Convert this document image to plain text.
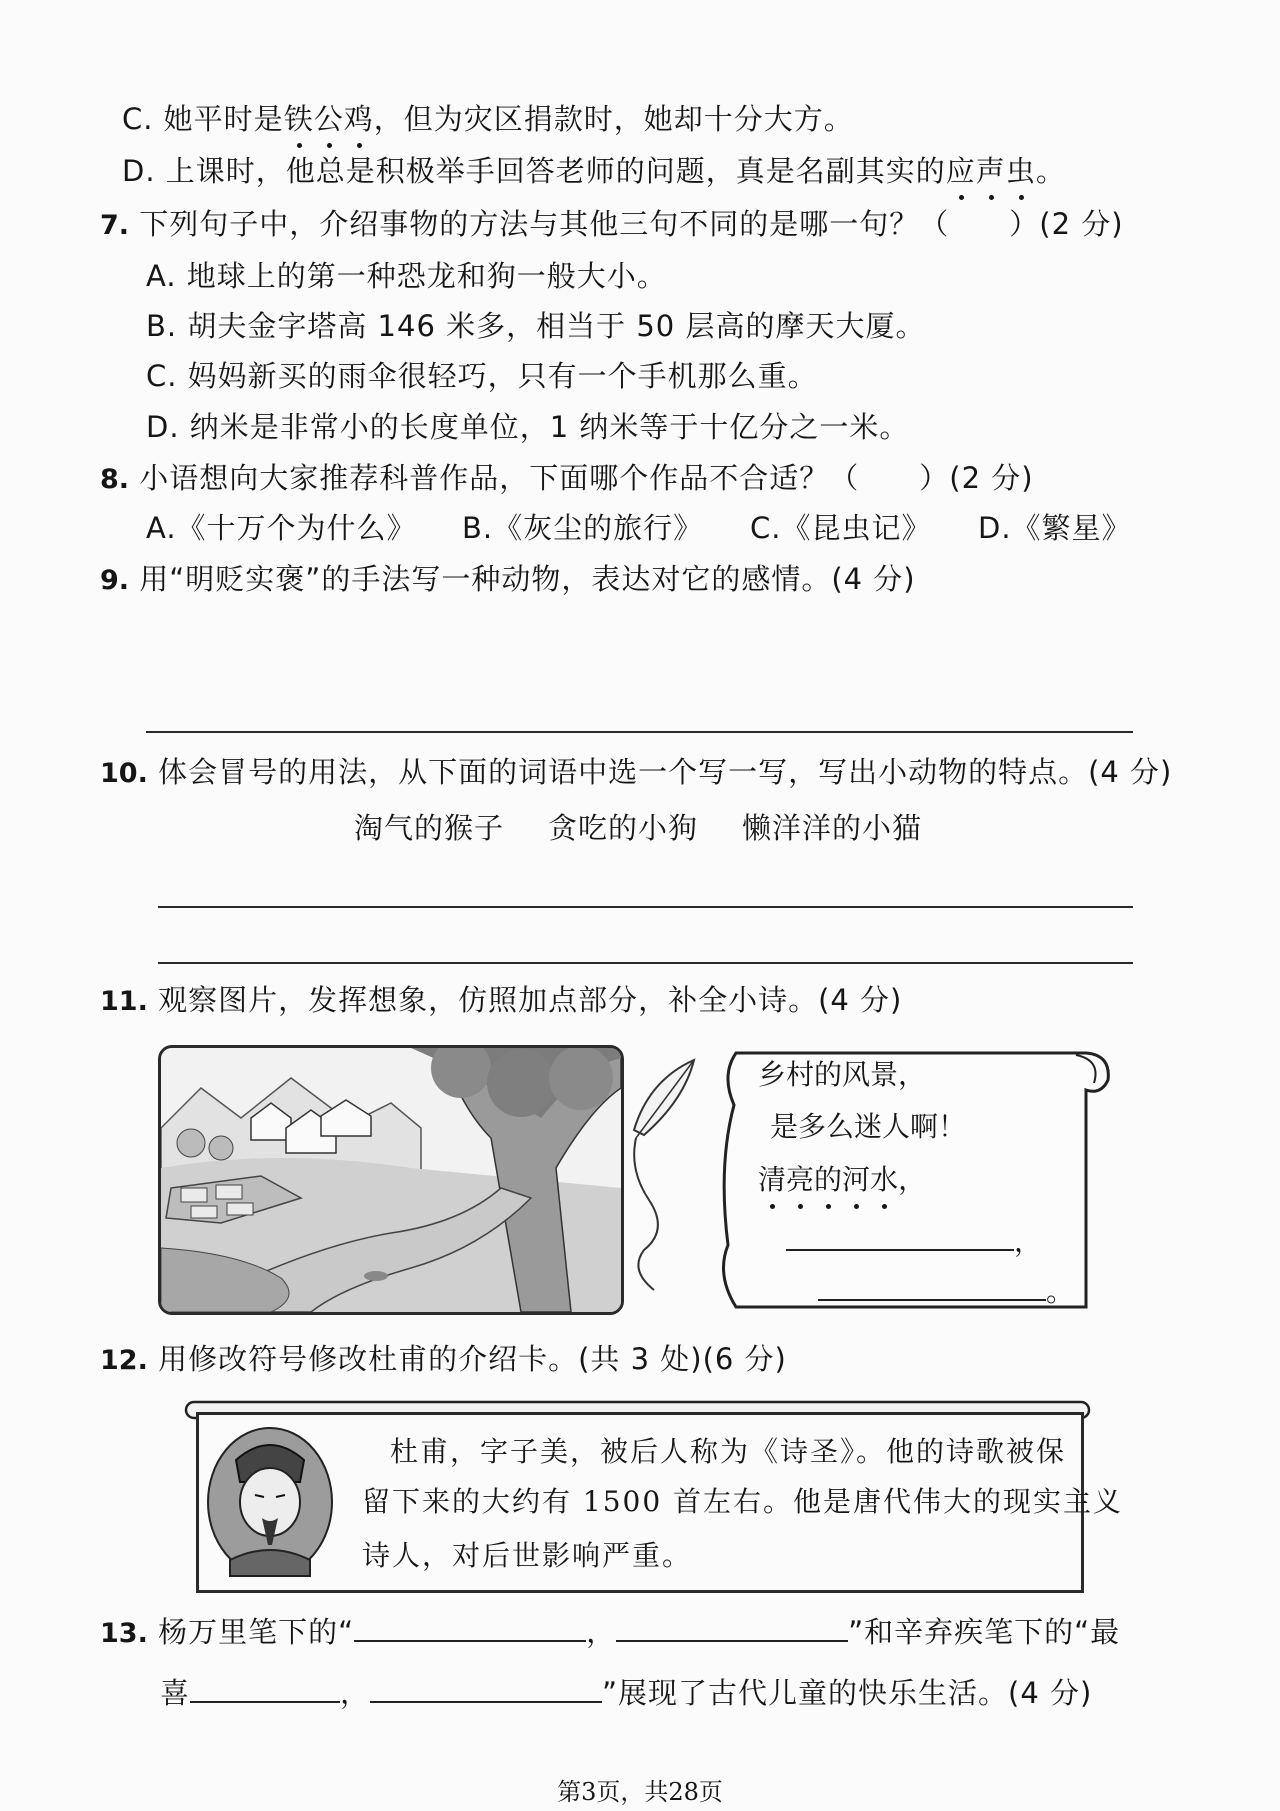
C. 她平时是铁公鸡，但为灾区捐款时，她却十分大方。
D. 上课时，他总是积极举手回答老师的问题，真是名副其实的应声虫。
7. 下列句子中，介绍事物的方法与其他三句不同的是哪一句？（　　）(2 分)
A. 地球上的第一种恐龙和狗一般大小。
B. 胡夫金字塔高 146 米多，相当于 50 层高的摩天大厦。
C. 妈妈新买的雨伞很轻巧，只有一个手机那么重。
D. 纳米是非常小的长度单位，1 纳米等于十亿分之一米。
8. 小语想向大家推荐科普作品，下面哪个作品不合适？（　　）(2 分)
A.《十万个为什么》 B.《灰尘的旅行》 C.《昆虫记》 D.《繁星》
9. 用“明贬实褒”的手法写一种动物，表达对它的感情。(4 分)
10. 体会冒号的用法，从下面的词语中选一个写一写，写出小动物的特点。(4 分)
淘气的猴子 贪吃的小狗 懒洋洋的小猫
11. 观察图片，发挥想象，仿照加点部分，补全小诗。(4 分)
乡村的风景，
是多么迷人啊！
清亮的河水，
，
。
12. 用修改符号修改杜甫的介绍卡。(共 3 处)(6 分)
杜甫，字子美，被后人称为《诗圣》。他的诗歌被保
留下来的大约有 1500 首左右。他是唐代伟大的现实主义
诗人，对后世影响严重。
13. 杨万里笔下的“	，	”和辛弃疾笔下的“最
喜	，	”展现了古代儿童的快乐生活。(4 分)
第3页，共28页
